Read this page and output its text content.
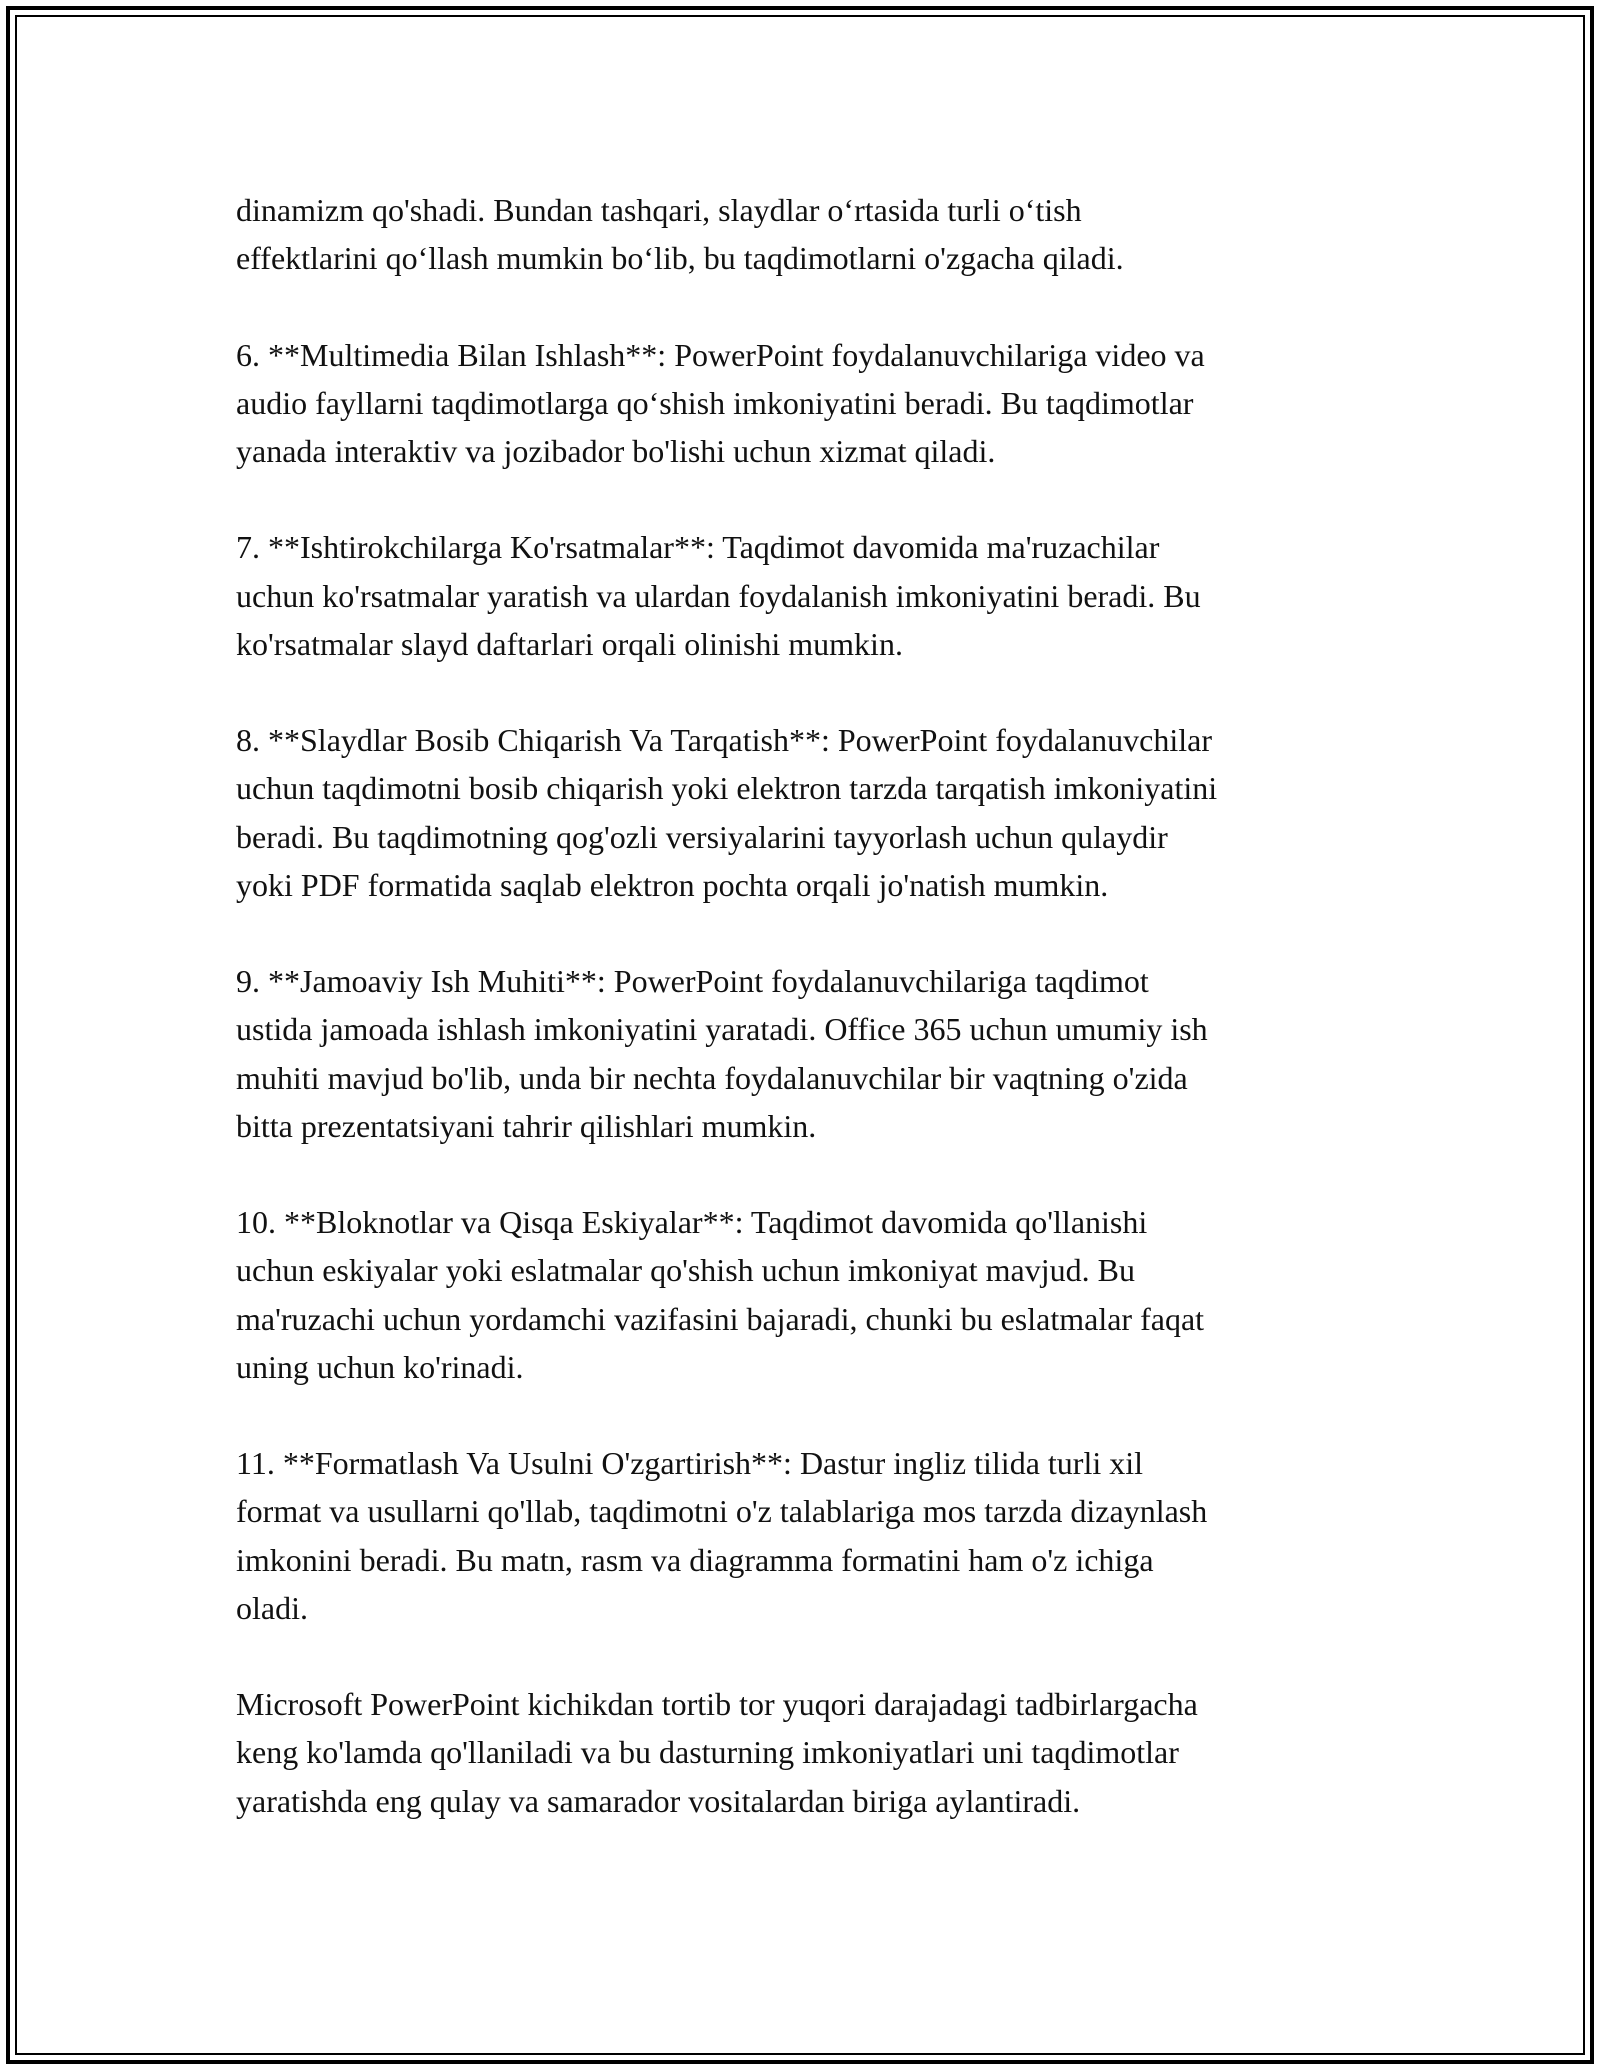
dinamizm qo'shadi. Bundan tashqari, slaydlar o‘rtasida turli o‘tish
effektlarini qo‘llash mumkin bo‘lib, bu taqdimotlarni o'zgacha qiladi.

6. **Multimedia Bilan Ishlash**: PowerPoint foydalanuvchilariga video va
audio fayllarni taqdimotlarga qo‘shish imkoniyatini beradi. Bu taqdimotlar
yanada interaktiv va jozibador bo'lishi uchun xizmat qiladi.

7. **Ishtirokchilarga Ko'rsatmalar**: Taqdimot davomida ma'ruzachilar
uchun ko'rsatmalar yaratish va ulardan foydalanish imkoniyatini beradi. Bu
ko'rsatmalar slayd daftarlari orqali olinishi mumkin.

8. **Slaydlar Bosib Chiqarish Va Tarqatish**: PowerPoint foydalanuvchilar
uchun taqdimotni bosib chiqarish yoki elektron tarzda tarqatish imkoniyatini
beradi. Bu taqdimotning qog'ozli versiyalarini tayyorlash uchun qulaydir
yoki PDF formatida saqlab elektron pochta orqali jo'natish mumkin.

9. **Jamoaviy Ish Muhiti**: PowerPoint foydalanuvchilariga taqdimot
ustida jamoada ishlash imkoniyatini yaratadi. Office 365 uchun umumiy ish
muhiti mavjud bo'lib, unda bir nechta foydalanuvchilar bir vaqtning o'zida
bitta prezentatsiyani tahrir qilishlari mumkin.

10. **Bloknotlar va Qisqa Eskiyalar**: Taqdimot davomida qo'llanishi
uchun eskiyalar yoki eslatmalar qo'shish uchun imkoniyat mavjud. Bu
ma'ruzachi uchun yordamchi vazifasini bajaradi, chunki bu eslatmalar faqat
uning uchun ko'rinadi.

11. **Formatlash Va Usulni O'zgartirish**: Dastur ingliz tilida turli xil
format va usullarni qo'llab, taqdimotni o'z talablariga mos tarzda dizaynlash
imkonini beradi. Bu matn, rasm va diagramma formatini ham o'z ichiga
oladi.

Microsoft PowerPoint kichikdan tortib tor yuqori darajadagi tadbirlargacha
keng ko'lamda qo'llaniladi va bu dasturning imkoniyatlari uni taqdimotlar
yaratishda eng qulay va samarador vositalardan biriga aylantiradi.
